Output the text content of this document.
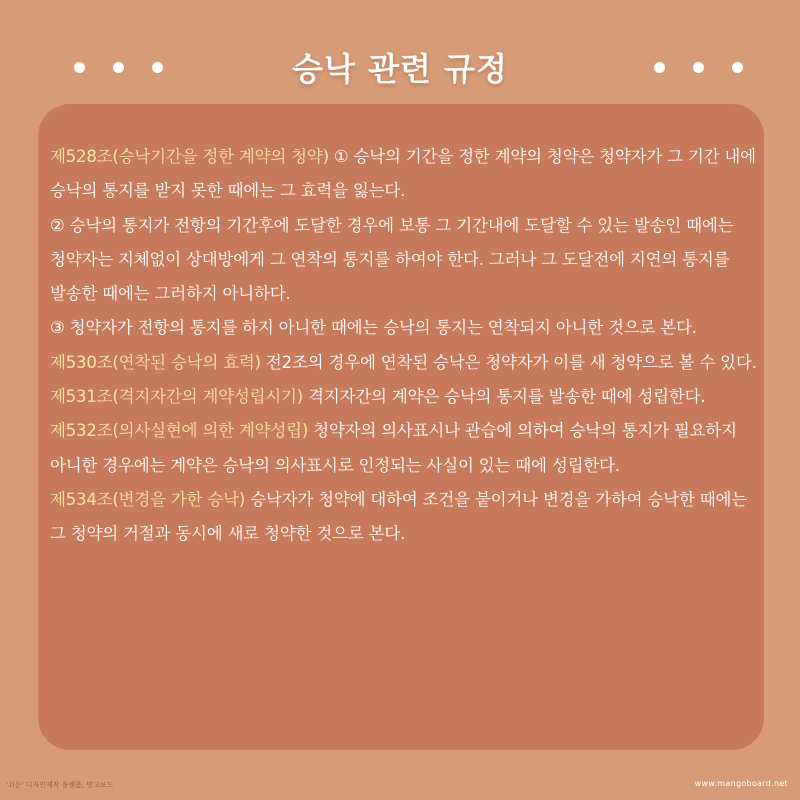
승낙 관련 규정

제528조(승낙기간을 정한 계약의 청약) ① 승낙의 기간을 정한 계약의 청약은 청약자가 그 기간 내에 승낙의 통지를 받지 못한 때에는 그 효력을 잃는다.

② 승낙의 통지가 전항의 기간후에 도달한 경우에 보통 그 기간내에 도달할 수 있는 발송인 때에는 청약자는 지체없이 상대방에게 그 연착의 통지를 하여야 한다. 그러나 그 도달전에 지연의 통지를 발송한 때에는 그러하지 아니하다.

③ 청약자가 전항의 통지를 하지 아니한 때에는 승낙의 통지는 연착되지 아니한 것으로 본다.

제530조(연착된 승낙의 효력) 전2조의 경우에 연착된 승낙은 청약자가 이를 새 청약으로 볼 수 있다.

제531조(격지자간의 계약성립시기) 격지자간의 계약은 승낙의 통지를 발송한 때에 성립한다.

제532조(의사실현에 의한 계약성립) 청약자의 의사표시나 관습에 의하여 승낙의 통지가 필요하지 아니한 경우에는 계약은 승낙의 의사표시로 인정되는 사실이 있는 때에 성립한다.

제534조(변경을 가한 승낙) 승낙자가 청약에 대하여 조건을 붙이거나 변경을 가하여 승낙한 때에는 그 청약의 거절과 동시에 새로 청약한 것으로 본다.

'쉬운' 디자인제작 플랫폼, 망고보드	www.mangoboard.net
